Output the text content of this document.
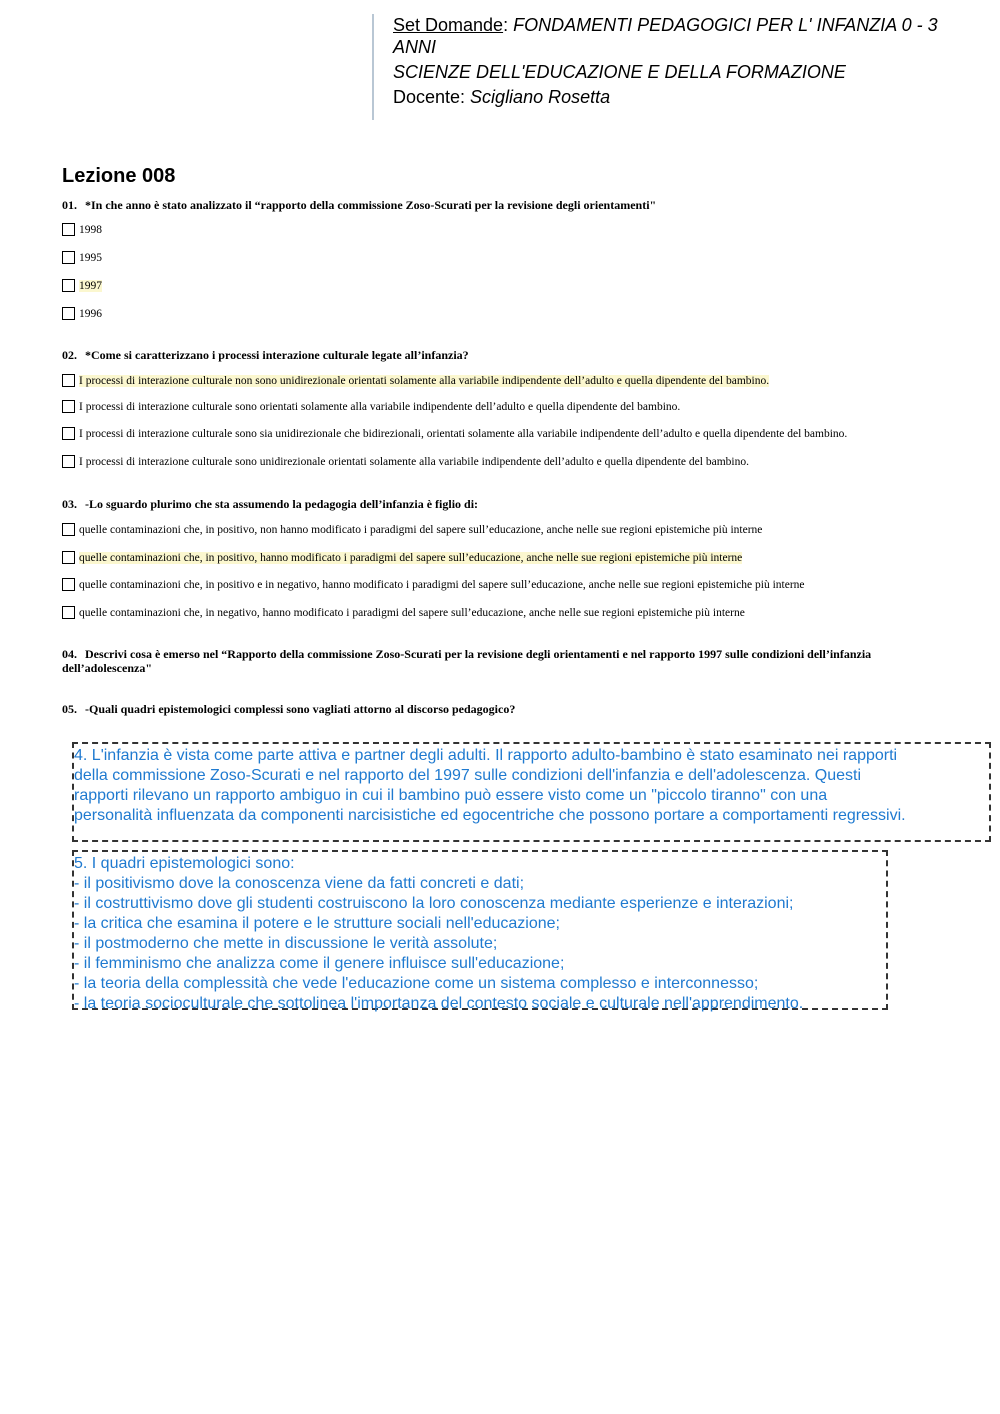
Set Domande: FONDAMENTI PEDAGOGICI PER L' INFANZIA 0 - 3
ANNI
SCIENZE DELL'EDUCAZIONE E DELLA FORMAZIONE
Docente: Scigliano Rosetta
Lezione 008

01. *In che anno è stato analizzato il “rapporto della commissione Zoso-Scurati per la revisione degli orientamenti"

1998
1995
1997
1996

02. *Come si caratterizzano i processi interazione culturale legate all’infanzia?

I processi di interazione culturale non sono unidirezionale orientati solamente alla variabile indipendente dell’adulto e quella dipendente del bambino.
I processi di interazione culturale sono orientati solamente alla variabile indipendente dell’adulto e quella dipendente del bambino.
I processi di interazione culturale sono sia unidirezionale che bidirezionali, orientati solamente alla variabile indipendente dell’adulto e quella dipendente del bambino.
I processi di interazione culturale sono unidirezionale orientati solamente alla variabile indipendente dell’adulto e quella dipendente del bambino.

03. -Lo sguardo plurimo che sta assumendo la pedagogia dell’infanzia è figlio di:

quelle contaminazioni che, in positivo, non hanno modificato i paradigmi del sapere sull’educazione, anche nelle sue regioni epistemiche più interne
quelle contaminazioni che, in positivo, hanno modificato i paradigmi del sapere sull’educazione, anche nelle sue regioni epistemiche più interne
quelle contaminazioni che, in positivo e in negativo, hanno modificato i paradigmi del sapere sull’educazione, anche nelle sue regioni epistemiche più interne
quelle contaminazioni che, in negativo, hanno modificato i paradigmi del sapere sull’educazione, anche nelle sue regioni epistemiche più interne

04. Descrivi cosa è emerso nel “Rapporto della commissione Zoso-Scurati per la revisione degli orientamenti e nel rapporto 1997 sulle condizioni dell’infanzia dell’adolescenza"

05. -Quali quadri epistemologici complessi sono vagliati attorno al discorso pedagogico?

4. L'infanzia è vista come parte attiva e partner degli adulti. Il rapporto adulto-bambino è stato esaminato nei rapporti

della commissione Zoso-Scurati e nel rapporto del 1997 sulle condizioni dell'infanzia e dell'adolescenza. Questi

rapporti rilevano un rapporto ambiguo in cui il bambino può essere visto come un "piccolo tiranno" con una

personalità influenzata da componenti narcisistiche ed egocentriche che possono portare a comportamenti regressivi.

5. I quadri epistemologici sono:

- il positivismo dove la conoscenza viene da fatti concreti e dati;

- il costruttivismo dove gli studenti costruiscono la loro conoscenza mediante esperienze e interazioni;

- la critica che esamina il potere e le strutture sociali nell'educazione;

- il postmoderno che mette in discussione le verità assolute;

- il femminismo che analizza come il genere influisce sull'educazione;

- la teoria della complessità che vede l'educazione come un sistema complesso e interconnesso;

- la teoria socioculturale che sottolinea l'importanza del contesto sociale e culturale nell'apprendimento.
